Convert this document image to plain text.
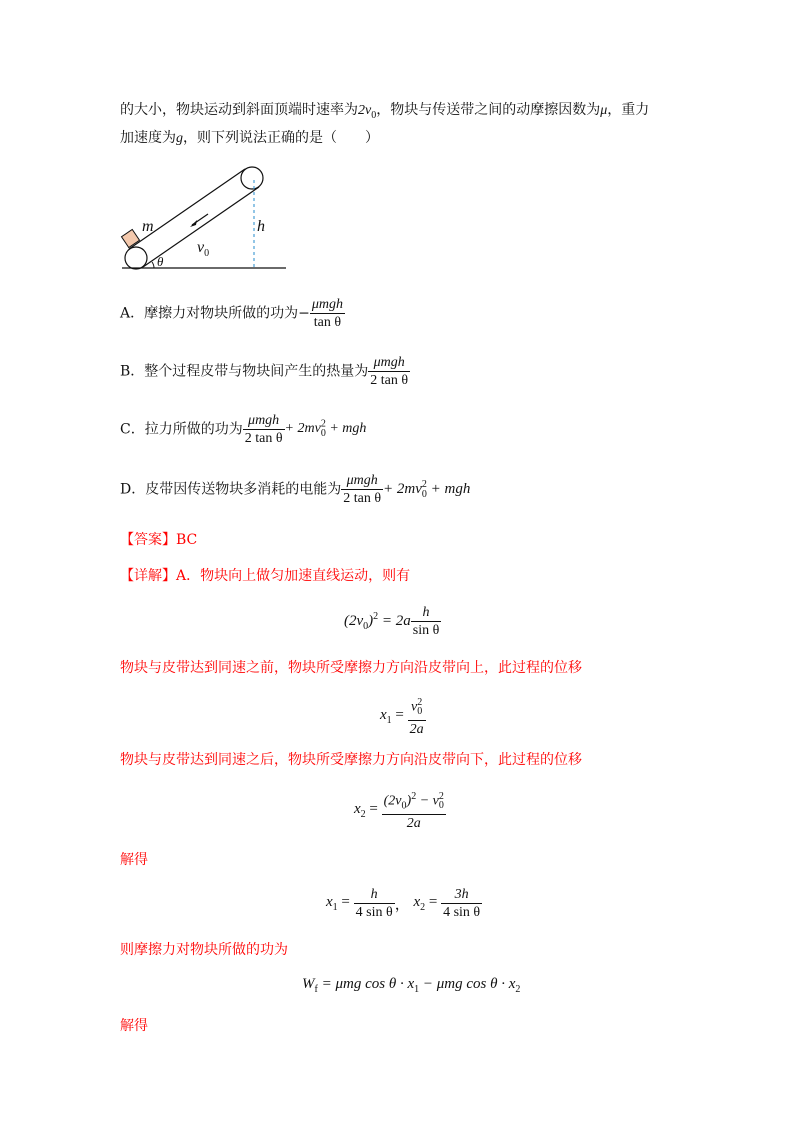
的大小，物块运动到斜面顶端时速率为$2v_0$，物块与传送带之间的动摩擦因数为μ，重力
加速度为g，则下列说法正确的是（　　）
m	h
$v_0$
θ
A．摩擦力对物块所做的功为− $\frac{\text{μmgh}}{\text{tan θ}}$
B．整个过程皮带与物块间产生的热量为 $\frac{\text{μmgh}}{\text{2 tan θ}}$
C．拉力所做的功为 $\frac{\text{μmgh}}{\text{2 tan θ}} + 2mv^2_0$ + mgh
D．皮带因传送物块多消耗的电能为 $\frac{\text{μmgh}}{\text{2 tan θ}} + 2mv^2_0$ + mgh
【答案】BC
【详解】A．物块向上做匀加速直线运动，则有
$(2v_0)^2 = 2a \frac{h}{\text{sin θ}}$
物块与皮带达到同速之前，物块所受摩擦力方向沿皮带向上，此过程的位移
$x_1 = \frac{v^2_0}{2a}$
物块与皮带达到同速之后，物块所受摩擦力方向沿皮带向下，此过程的位移
$x_2 = \frac{(2v_0)^2 - v^2_0}{2a}$
解得
$x_1 = \frac{h}{\text{4 sin θ}}$ ， $x_2 = \frac{3h}{\text{4 sin θ}}$
则摩擦力对物块所做的功为
$W_f = \mu mg$ $\cos \theta \cdot x_1 - \mu mg$ $\cos \theta \cdot x_2$
解得
